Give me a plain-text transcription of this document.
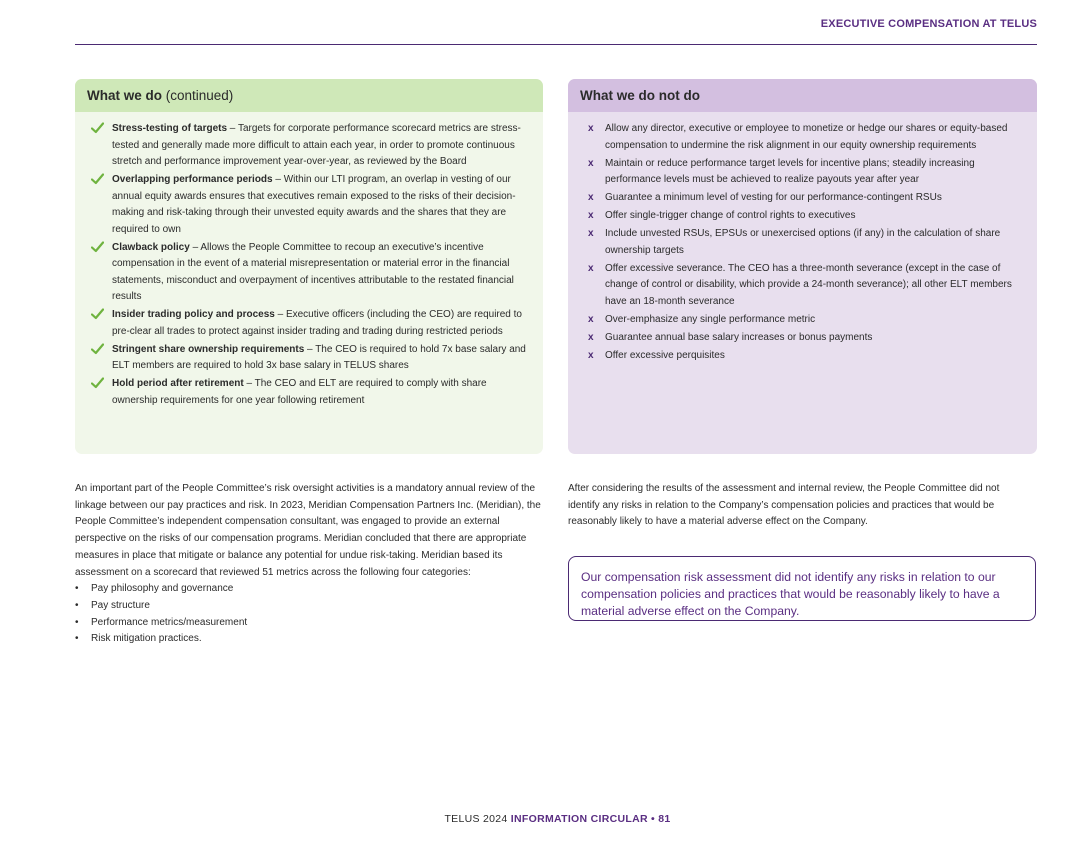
EXECUTIVE COMPENSATION AT TELUS
What we do (continued)
Stress-testing of targets – Targets for corporate performance scorecard metrics are stress-tested and generally made more difficult to attain each year, in order to promote continuous stretch and performance improvement year-over-year, as reviewed by the Board
Overlapping performance periods – Within our LTI program, an overlap in vesting of our annual equity awards ensures that executives remain exposed to the risks of their decision-making and risk-taking through their unvested equity awards and the shares that they are required to own
Clawback policy – Allows the People Committee to recoup an executive’s incentive compensation in the event of a material misrepresentation or material error in the financial statements, misconduct and overpayment of incentives attributable to the restated financial results
Insider trading policy and process – Executive officers (including the CEO) are required to pre-clear all trades to protect against insider trading and trading during restricted periods
Stringent share ownership requirements – The CEO is required to hold 7x base salary and ELT members are required to hold 3x base salary in TELUS shares
Hold period after retirement – The CEO and ELT are required to comply with share ownership requirements for one year following retirement
What we do not do
x Allow any director, executive or employee to monetize or hedge our shares or equity-based compensation to undermine the risk alignment in our equity ownership requirements
x Maintain or reduce performance target levels for incentive plans; steadily increasing performance levels must be achieved to realize payouts year after year
x Guarantee a minimum level of vesting for our performance-contingent RSUs
x Offer single-trigger change of control rights to executives
x Include unvested RSUs, EPSUs or unexercised options (if any) in the calculation of share ownership targets
x Offer excessive severance. The CEO has a three-month severance (except in the case of change of control or disability, which provide a 24-month severance); all other ELT members have an 18-month severance
x Over-emphasize any single performance metric
x Guarantee annual base salary increases or bonus payments
x Offer excessive perquisites
An important part of the People Committee’s risk oversight activities is a mandatory annual review of the linkage between our pay practices and risk. In 2023, Meridian Compensation Partners Inc. (Meridian), the People Committee’s independent compensation consultant, was engaged to provide an external perspective on the risks of our compensation programs. Meridian concluded that there are appropriate measures in place that mitigate or balance any potential for undue risk-taking. Meridian based its assessment on a scorecard that reviewed 51 metrics across the following four categories:
• Pay philosophy and governance
• Pay structure
• Performance metrics/measurement
• Risk mitigation practices.
After considering the results of the assessment and internal review, the People Committee did not identify any risks in relation to the Company’s compensation policies and practices that would be reasonably likely to have a material adverse effect on the Company.
Our compensation risk assessment did not identify any risks in relation to our compensation policies and practices that would be reasonably likely to have a material adverse effect on the Company.
TELUS 2024 INFORMATION CIRCULAR • 81
